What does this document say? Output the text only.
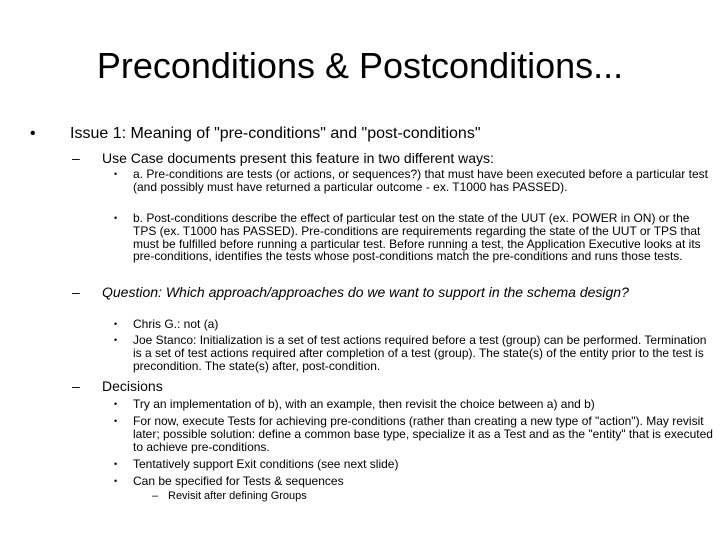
Preconditions & Postconditions...
• Issue 1: Meaning of "pre-conditions" and "post-conditions"
– Use Case documents present this feature in two different ways:
• a. Pre-conditions are tests (or actions, or sequences?) that must have been executed before a particular test (and possibly must have returned a particular outcome - ex. T1000 has PASSED).
• b. Post-conditions describe the effect of particular test on the state of the UUT (ex. POWER in ON) or the TPS (ex. T1000 has PASSED). Pre-conditions are requirements regarding the state of the UUT or TPS that must be fulfilled before running a particular test. Before running a test, the Application Executive looks at its pre-conditions, identifies the tests whose post-conditions match the pre-conditions and runs those tests.
– Question: Which approach/approaches do we want to support in the schema design?
• Chris G.: not (a)
• Joe Stanco: Initialization is a set of test actions required before a test (group) can be performed. Termination is a set of test actions required after completion of a test (group). The state(s) of the entity prior to the test is precondition. The state(s) after, post-condition.
– Decisions
• Try an implementation of b), with an example, then revisit the choice between a) and b)
• For now, execute Tests for achieving pre-conditions (rather than creating a new type of "action"). May revisit later; possible solution: define a common base type, specialize it as a Test and as the "entity" that is executed to achieve pre-conditions.
• Tentatively support Exit conditions (see next slide)
• Can be specified for Tests & sequences
– Revisit after defining Groups
